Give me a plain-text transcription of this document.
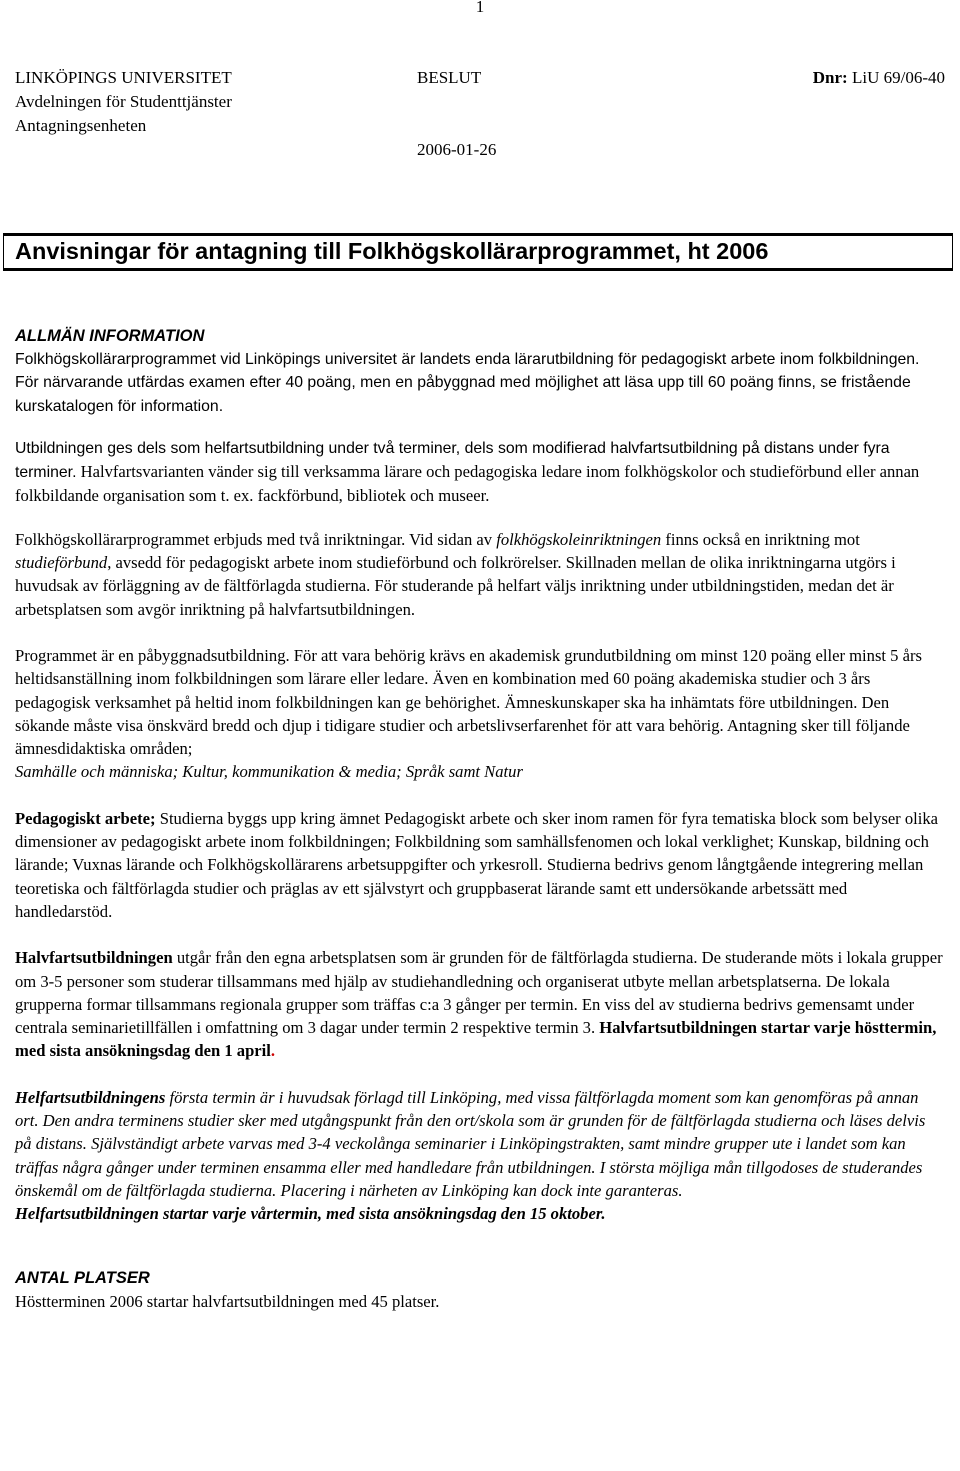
1
LINKÖPINGS UNIVERSITET
Avdelningen för Studenttjänster
Antagningsenheten
BESLUT	Dnr: LiU 69/06-40
2006-01-26
Anvisningar för antagning till Folkhögskollärarprogrammet, ht 2006
ALLMÄN INFORMATION

Folkhögskollärarprogrammet vid Linköpings universitet är landets enda lärarutbildning för pedagogiskt arbete inom folkbildningen. För närvarande utfärdas examen efter 40 poäng, men en påbyggnad med möjlighet att läsa upp till 60 poäng finns, se fristående kurskatalogen för information.

Utbildningen ges dels som helfartsutbildning under två terminer, dels som modifierad halvfartsutbildning på distans under fyra terminer. Halvfartsvarianten vänder sig till verksamma lärare och pedagogiska ledare inom folkhögskolor och studieförbund eller annan folkbildande organisation som t. ex. fackförbund, bibliotek och museer.

Folkhögskollärarprogrammet erbjuds med två inriktningar. Vid sidan av folkhögskoleinriktningen finns också en inriktning mot studieförbund, avsedd för pedagogiskt arbete inom studieförbund och folkrörelser. Skillnaden mellan de olika inriktningarna utgörs i huvudsak av förläggning av de fältförlagda studierna. För studerande på helfart väljs inriktning under utbildningstiden, medan det är arbetsplatsen som avgör inriktning på halvfartsutbildningen.

Programmet är en påbyggnadsutbildning. För att vara behörig krävs en akademisk grundutbildning om minst 120 poäng eller minst 5 års heltidsanställning inom folkbildningen som lärare eller ledare. Även en kombination med 60 poäng akademiska studier och 3 års pedagogisk verksamhet på heltid inom folkbildningen kan ge behörighet. Ämneskunskaper ska ha inhämtats före utbildningen. Den sökande måste visa önskvärd bredd och djup i tidigare studier och arbetslivserfarenhet för att vara behörig. Antagning sker till följande ämnesdidaktiska områden;
Samhälle och människa; Kultur, kommunikation & media; Språk samt Natur

Pedagogiskt arbete; Studierna byggs upp kring ämnet Pedagogiskt arbete och sker inom ramen för fyra tematiska block som belyser olika dimensioner av pedagogiskt arbete inom folkbildningen; Folkbildning som samhällsfenomen och lokal verklighet; Kunskap, bildning och lärande; Vuxnas lärande och Folkhögskollärarens arbetsuppgifter och yrkesroll. Studierna bedrivs genom långtgående integrering mellan teoretiska och fältförlagda studier och präglas av ett självstyrt och gruppbaserat lärande samt ett undersökande arbetssätt med handledarstöd.

Halvfartsutbildningen utgår från den egna arbetsplatsen som är grunden för de fältförlagda studierna. De studerande möts i lokala grupper om 3-5 personer som studerar tillsammans med hjälp av studiehandledning och organiserat utbyte mellan arbetsplatserna. De lokala grupperna formar tillsammans regionala grupper som träffas c:a 3 gånger per termin. En viss del av studierna bedrivs gemensamt under centrala seminarietillfällen i omfattning om 3 dagar under termin 2 respektive termin 3. Halvfartsutbildningen startar varje hösttermin, med sista ansökningsdag den 1 april.

Helfartsutbildningens första termin är i huvudsak förlagd till Linköping, med vissa fältförlagda moment som kan genomföras på annan ort. Den andra terminens studier sker med utgångspunkt från den ort/skola som är grunden för de fältförlagda studierna och läses delvis på distans. Självständigt arbete varvas med 3-4 veckolånga seminarier i Linköpingstrakten, samt mindre grupper ute i landet som kan träffas några gånger under terminen ensamma eller med handledare från utbildningen. I största möjliga mån tillgodoses de studerandes önskemål om de fältförlagda studierna. Placering i närheten av Linköping kan dock inte garanteras.
Helfartsutbildningen startar varje vårtermin, med sista ansökningsdag den 15 oktober.

ANTAL PLATSER

Höstterminen 2006 startar halvfartsutbildningen med 45 platser.
